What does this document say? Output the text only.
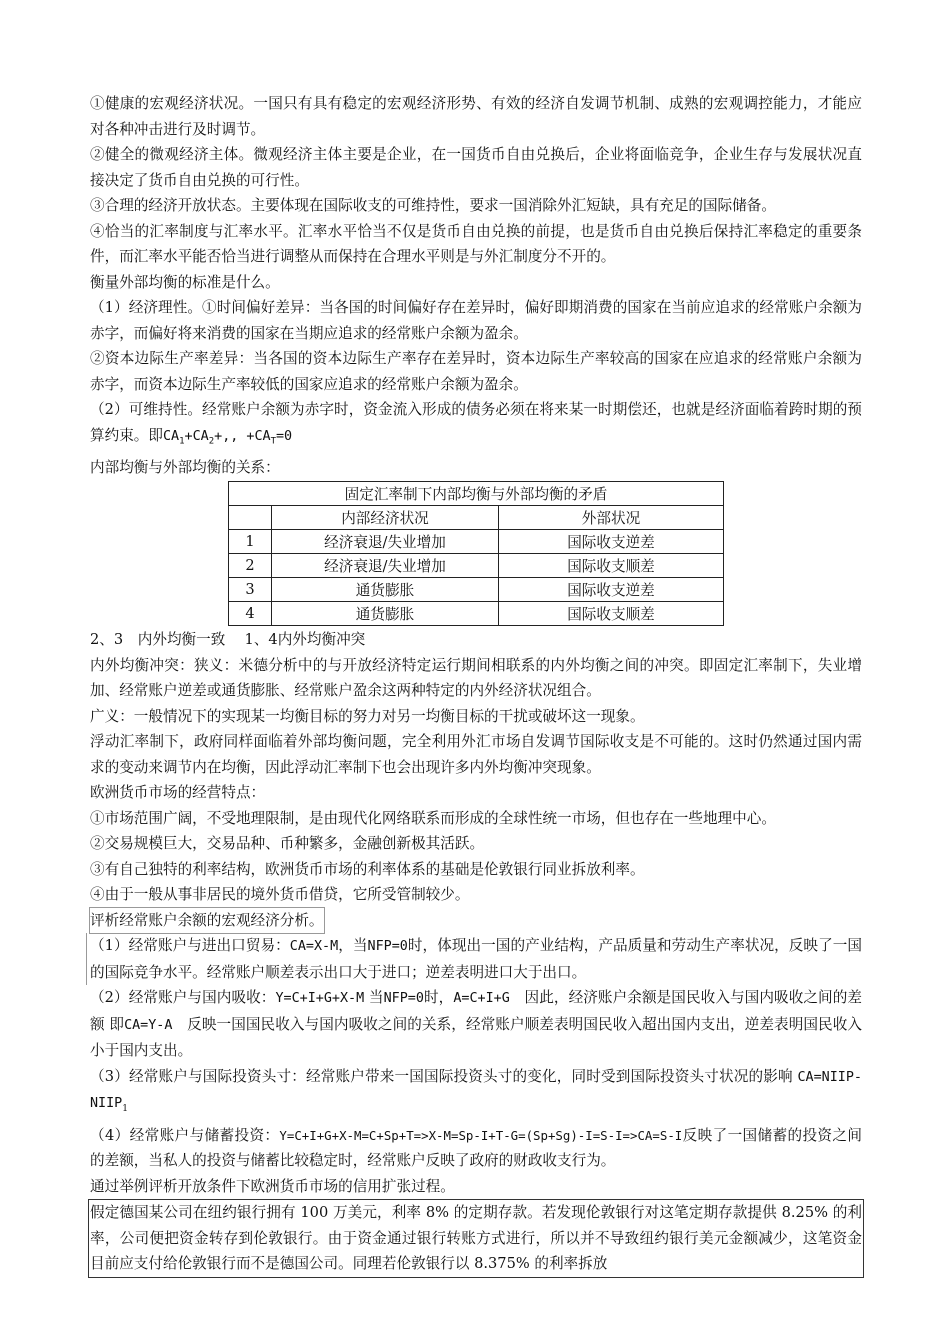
①健康的宏观经济状况。一国只有具有稳定的宏观经济形势、有效的经济自发调节机制、成熟的宏观调控能力，才能应对各种冲击进行及时调节。

②健全的微观经济主体。微观经济主体主要是企业，在一国货币自由兑换后，企业将面临竞争，企业生存与发展状况直接决定了货币自由兑换的可行性。

③合理的经济开放状态。主要体现在国际收支的可维持性，要求一国消除外汇短缺，具有充足的国际储备。

④恰当的汇率制度与汇率水平。汇率水平恰当不仅是货币自由兑换的前提，也是货币自由兑换后保持汇率稳定的重要条件，而汇率水平能否恰当进行调整从而保持在合理水平则是与外汇制度分不开的。

衡量外部均衡的标准是什么。

（1）经济理性。①时间偏好差异：当各国的时间偏好存在差异时，偏好即期消费的国家在当前应追求的经常账户余额为赤字，而偏好将来消费的国家在当期应追求的经常账户余额为盈余。

②资本边际生产率差异：当各国的资本边际生产率存在差异时，资本边际生产率较高的国家在应追求的经常账户余额为赤字，而资本边际生产率较低的国家应追求的经常账户余额为盈余。

（2）可维持性。经常账户余额为赤字时，资金流入形成的债务必须在将来某一时期偿还，也就是经济面临着跨时期的预算约束。即$CA_1+CA_2+$,, $+CA_T=0$

内部均衡与外部均衡的关系：

固定汇率制下内部均衡与外部均衡的矛盾		
	内部经济状况	外部状况
1	经济衰退/失业增加	国际收支逆差
2	经济衰退/失业增加	国际收支顺差
3	通货膨胀	国际收支逆差
4	通货膨胀	国际收支顺差

2、3　内外均衡一致　 1、4内外均衡冲突

内外均衡冲突：狭义：米德分析中的与开放经济特定运行期间相联系的内外均衡之间的冲突。即固定汇率制下，失业增加、经常账户逆差或通货膨胀、经常账户盈余这两种特定的内外经济状况组合。

广义：一般情况下的实现某一均衡目标的努力对另一均衡目标的干扰或破坏这一现象。

浮动汇率制下，政府同样面临着外部均衡问题，完全利用外汇市场自发调节国际收支是不可能的。这时仍然通过国内需求的变动来调节内在均衡，因此浮动汇率制下也会出现许多内外均衡冲突现象。

欧洲货币市场的经营特点：

①市场范围广阔，不受地理限制，是由现代化网络联系而形成的全球性统一市场，但也存在一些地理中心。

②交易规模巨大，交易品种、币种繁多，金融创新极其活跃。

③有自己独特的利率结构，欧洲货币市场的利率体系的基础是伦敦银行同业拆放利率。

④由于一般从事非居民的境外货币借贷，它所受管制较少。

评析经常账户余额的宏观经济分析。

（1）经常账户与进出口贸易：CA=X-M，当NFP=0时，体现出一国的产业结构，产品质量和劳动生产率状况，反映了一国的国际竞争水平。经常账户顺差表示出口大于进口；逆差表明进口大于出口。

（2）经常账户与国内吸收：Y=C+I+G+X-M 当NFP=0时，A=C+I+G　因此，经济账户余额是国民收入与国内吸收之间的差额 即CA=Y-A　反映一国国民收入与国内吸收之间的关系，经常账户顺差表明国民收入超出国内支出，逆差表明国民收入小于国内支出。

（3）经常账户与国际投资头寸：经常账户带来一国国际投资头寸的变化，同时受到国际投资头寸状况的影响 $CA=NIIP-NIIP_1$

（4）经常账户与储蓄投资：Y=C+I+G+X-M=C+Sp+T=>X-M=Sp-I+T-G=(Sp+Sg)-I=S-I=>CA=S-I反映了一国储蓄的投资之间的差额，当私人的投资与储蓄比较稳定时，经常账户反映了政府的财政收支行为。

通过举例评析开放条件下欧洲货币市场的信用扩张过程。

假定德国某公司在纽约银行拥有 100 万美元，利率 8% 的定期存款。若发现伦敦银行对这笔定期存款提供 8.25% 的利率，公司便把资金转存到伦敦银行。由于资金通过银行转账方式进行，所以并不导致纽约银行美元金额减少，这笔资金目前应支付给伦敦银行而不是德国公司。同理若伦敦银行以 8.375% 的利率拆放
